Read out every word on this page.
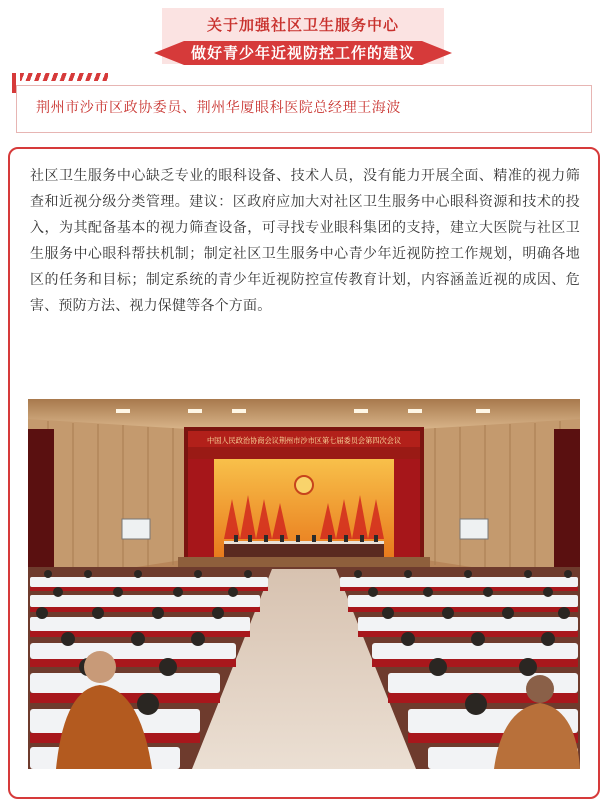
关于加强社区卫生服务中心
做好青少年近视防控工作的建议
荆州市沙市区政协委员、荆州华厦眼科医院总经理王海波
社区卫生服务中心缺乏专业的眼科设备、技术人员，没有能力开展全面、精准的视力筛查和近视分级分类管理。建议：区政府应加大对社区卫生服务中心眼科资源和技术的投入，为其配备基本的视力筛查设备，可寻找专业眼科集团的支持，建立大医院与社区卫生服务中心眼科帮扶机制；制定社区卫生服务中心青少年近视防控工作规划，明确各地区的任务和目标；制定系统的青少年近视防控宣传教育计划，内容涵盖近视的成因、危害、预防方法、视力保健等各个方面。
中国人民政治协商会议荆州市沙市区第七届委员会第四次会议
